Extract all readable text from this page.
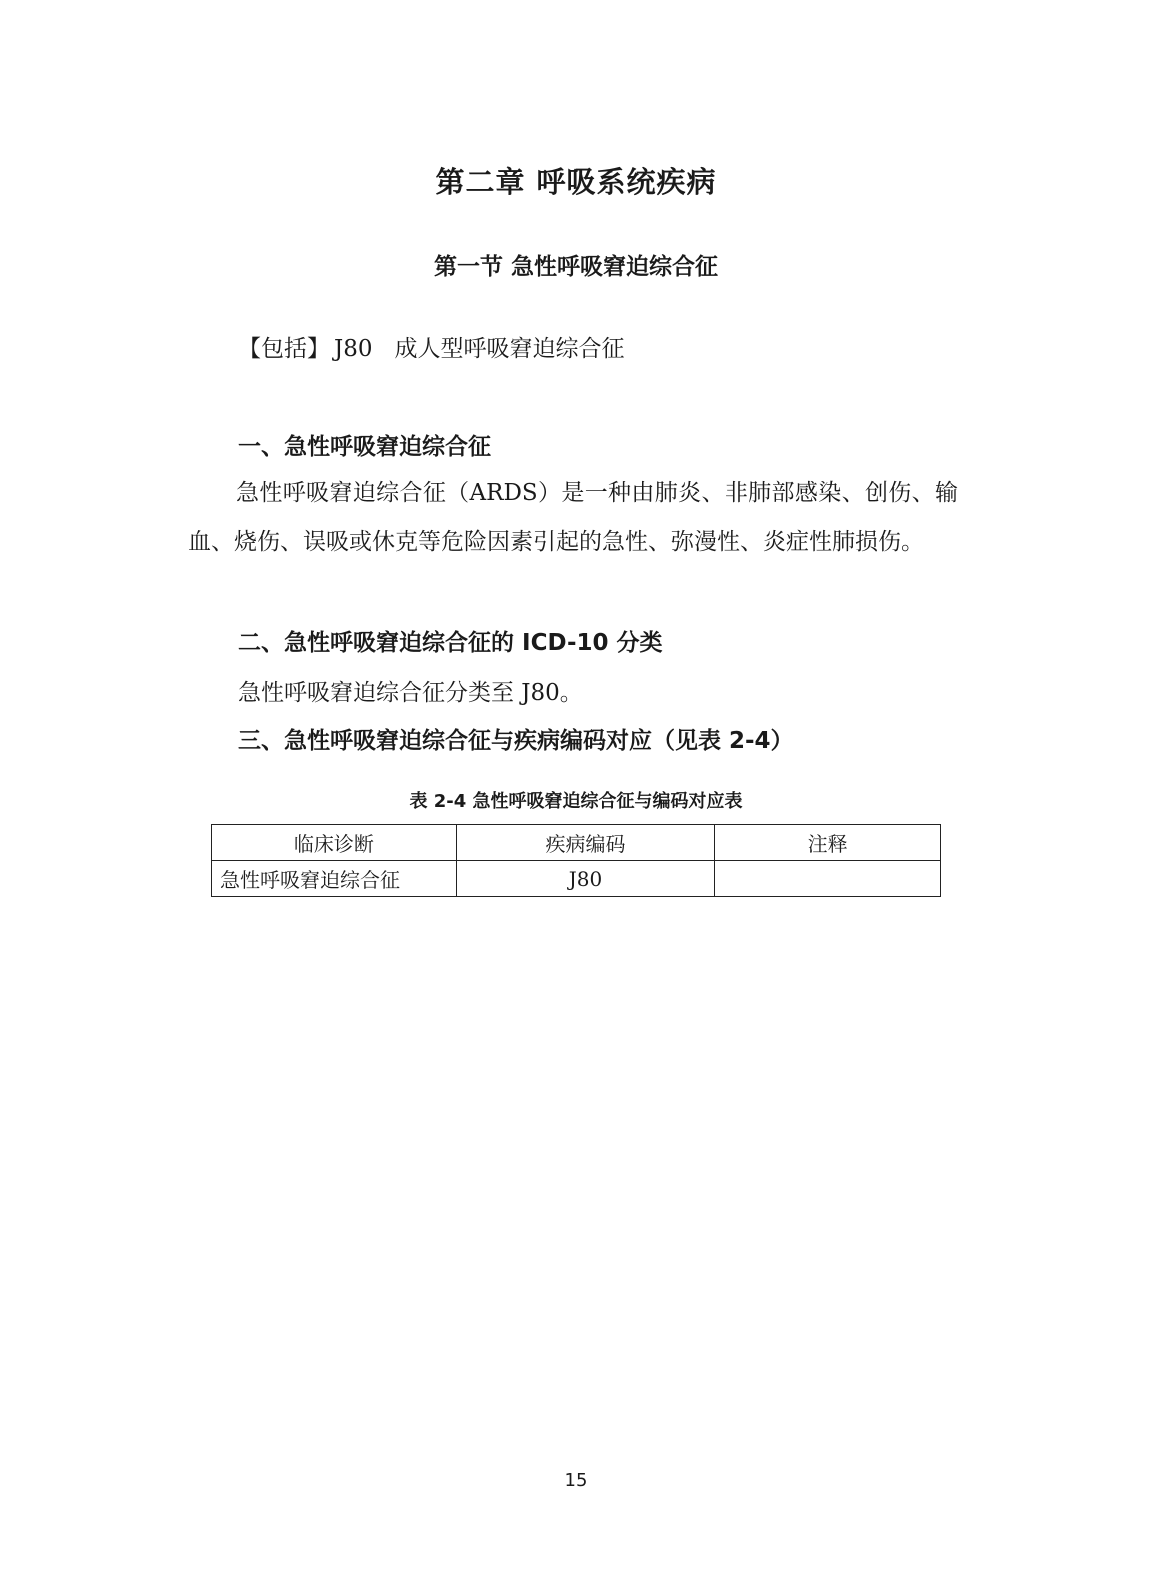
第二章 呼吸系统疾病
第一节 急性呼吸窘迫综合征
【包括】 J80 成人型呼吸窘迫综合征
一、急性呼吸窘迫综合征
急性呼吸窘迫综合征（ARDS）是一种由肺炎、非肺部感染、创伤、输血、烧伤、误吸或休克等危险因素引起的急性、弥漫性、炎症性肺损伤。
二、急性呼吸窘迫综合征的 ICD-10 分类
急性呼吸窘迫综合征分类至 J80。
三、急性呼吸窘迫综合征与疾病编码对应（见表 2-4）
表 2-4 急性呼吸窘迫综合征与编码对应表
临床诊断	疾病编码	注释
急性呼吸窘迫综合征	J80	
15
